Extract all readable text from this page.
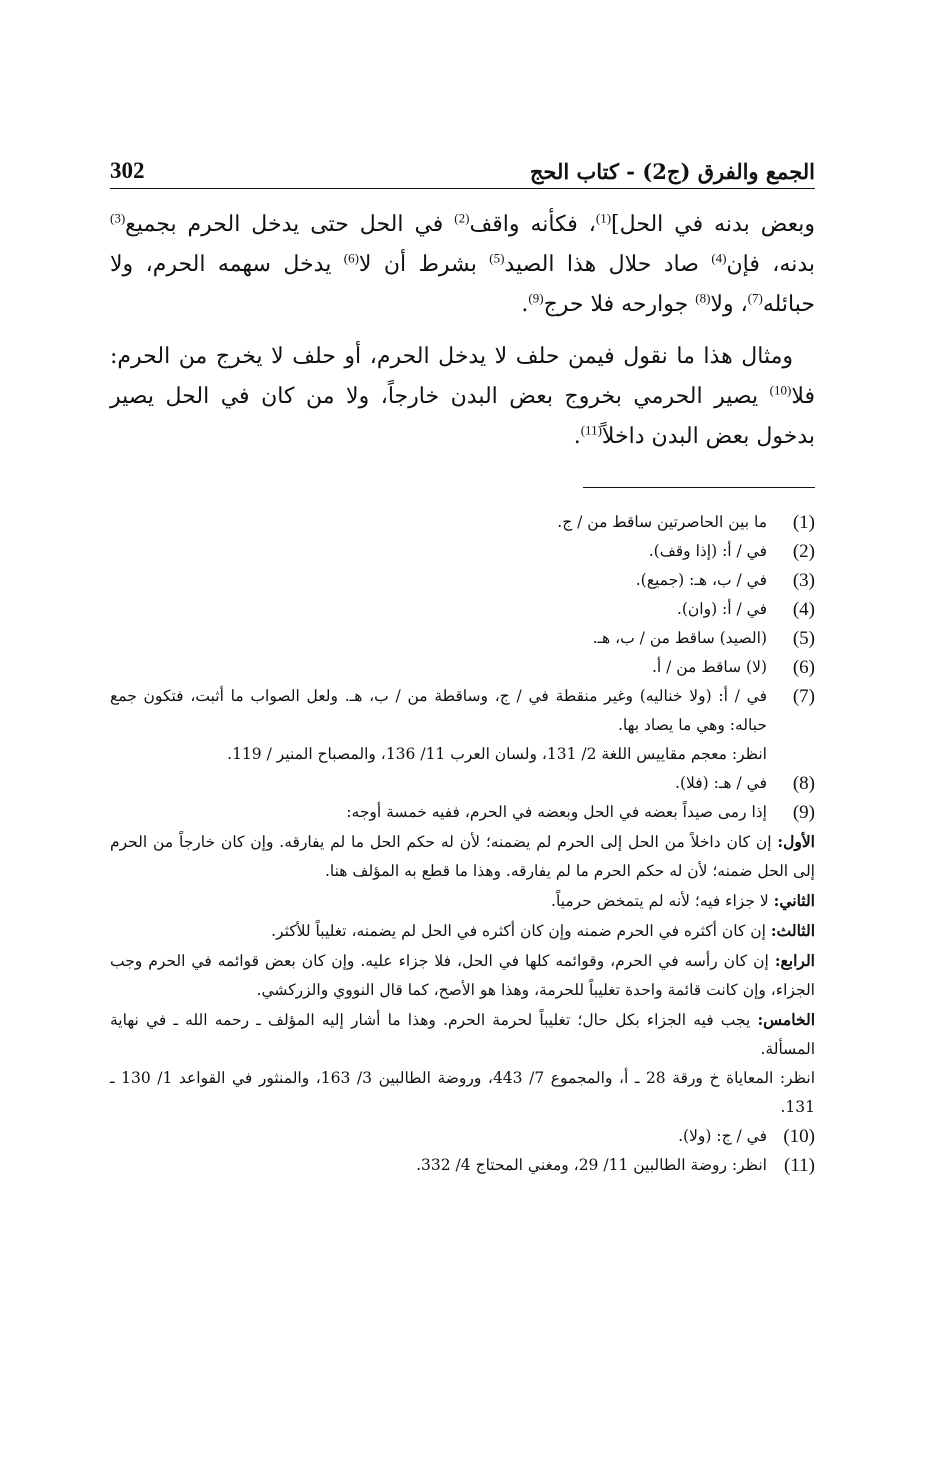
الجمع والفرق (ج2) - كتاب الحج
302

وبعض بدنه في الحل]$^{(1)}$، فكأنه واقف$^{(2)}$ في الحل حتى يدخل الحرم بجميع$^{(3)}$ بدنه، فإن$^{(4)}$ صاد حلال هذا الصيد$^{(5)}$ بشرط أن لا$^{(6)}$ يدخل سهمه الحرم، ولا حبائله$^{(7)}$، ولا$^{(8)}$ جوارحه فلا حرج$^{(9)}$.

ومثال هذا ما نقول فيمن حلف لا يدخل الحرم، أو حلف لا يخرج من الحرم: فلا$^{(10)}$ يصير الحرمي بخروج بعض البدن خارجاً، ولا من كان في الحل يصير بدخول بعض البدن داخلاً$^{(11)}$.

(1)
ما بين الحاصرتين ساقط من / ج.
(2)
في / أ: (إذا وقف).
(3)
في / ب، هـ: (جميع).
(4)
في / أ: (وان).
(5)
(الصيد) ساقط من / ب، هـ.
(6)
(لا) ساقط من / أ.
(7)
في / أ: (ولا خناليه) وغير منقطة في / ج، وساقطة من / ب، هـ. ولعل الصواب ما أثبت، فتكون جمع حباله: وهي ما يصاد بها.
انظر: معجم مقاييس اللغة 2/ 131، ولسان العرب 11/ 136، والمصباح المنير / 119.
(8)
في / هـ: (فلا).
(9)
إذا رمى صيداً بعضه في الحل وبعضه في الحرم، ففيه خمسة أوجه:
الأول: إن كان داخلاً من الحل إلى الحرم لم يضمنه؛ لأن له حكم الحل ما لم يفارقه. وإن كان خارجاً من الحرم إلى الحل ضمنه؛ لأن له حكم الحرم ما لم يفارقه. وهذا ما قطع به المؤلف هنا.
الثاني: لا جزاء فيه؛ لأنه لم يتمخض حرمياً.
الثالث: إن كان أكثره في الحرم ضمنه وإن كان أكثره في الحل لم يضمنه، تغليباً للأكثر.
الرابع: إن كان رأسه في الحرم، وقوائمه كلها في الحل، فلا جزاء عليه. وإن كان بعض قوائمه في الحرم وجب الجزاء، وإن كانت قائمة واحدة تغليباً للحرمة، وهذا هو الأصح، كما قال النووي والزركشي.
الخامس: يجب فيه الجزاء بكل حال؛ تغليباً لحرمة الحرم. وهذا ما أشار إليه المؤلف ـ رحمه الله ـ في نهاية المسألة.
انظر: المعاياة خ ورقة 28 ـ أ، والمجموع 7/ 443، وروضة الطالبين 3/ 163، والمنثور في القواعد 1/ 130 ـ 131.
(10)
في / ج: (ولا).
(11)
انظر: روضة الطالبين 11/ 29، ومغني المحتاج 4/ 332.
